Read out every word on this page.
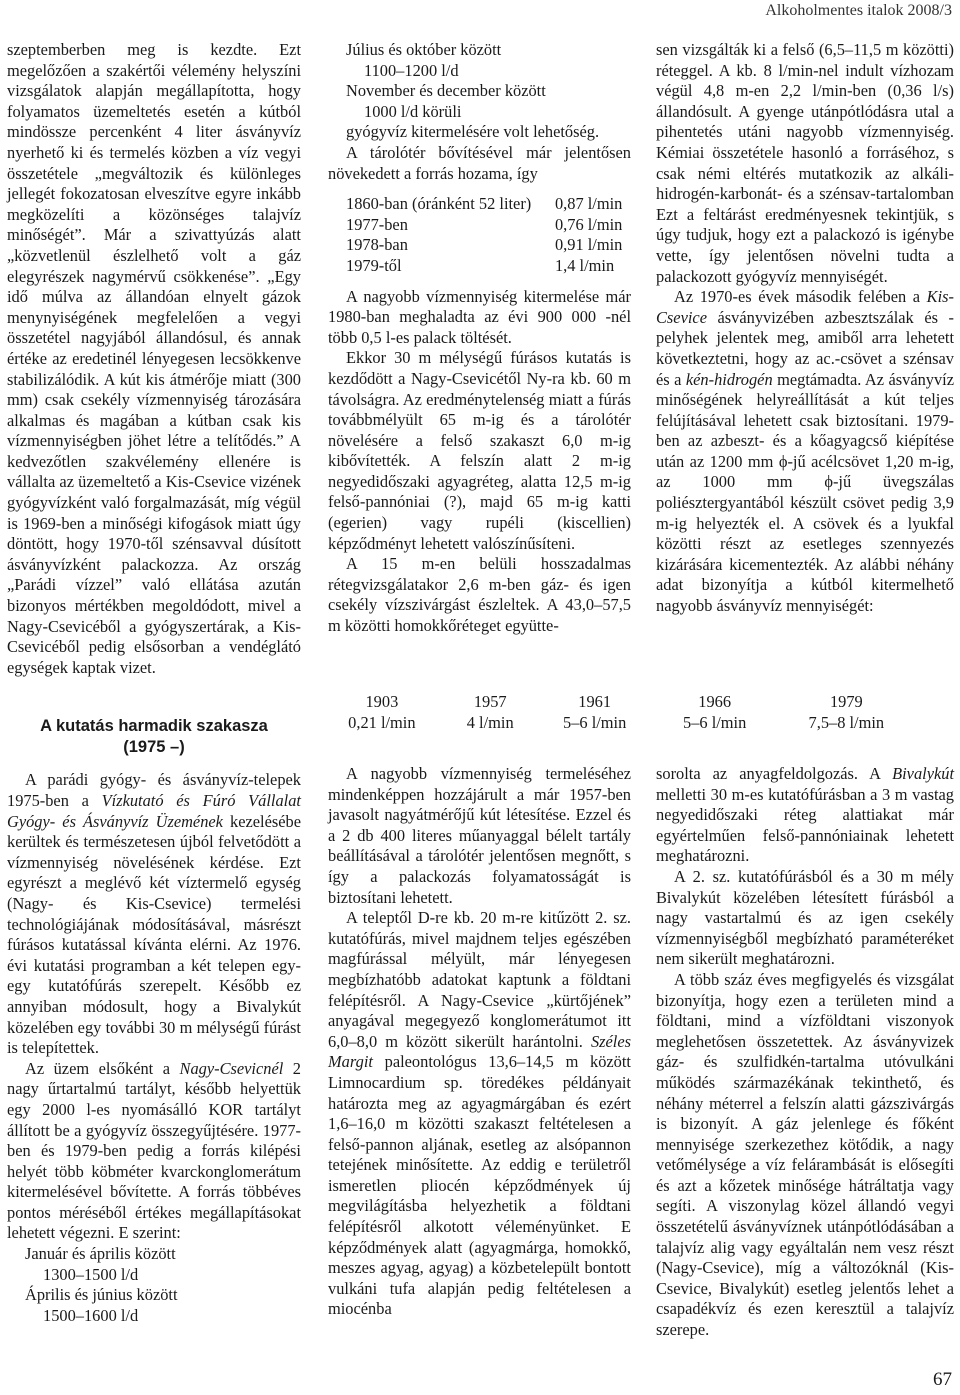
Alkoholmentes italok 2008/3

szeptemberben meg is kezdte. Ezt megelőzően a szakértői vélemény helyszíni vizsgálatok alapján megállapította, hogy folyamatos üzemeltetés esetén a kútból mindössze percenként 4 liter ásványvíz nyerhető ki és termelés közben a víz vegyi összetétele „megváltozik és különleges jellegét fokozatosan elveszítve egyre inkább megközelíti a közönséges talajvíz minőségét”. Már a szivattyúzás alatt „közvetlenül észlelhető volt a gáz elegyrészek nagymérvű csökkenése”. „Egy idő múlva az állandóan elnyelt gázok menynyiségének megfelelően a vegyi összetétel nagyjából állandósul, és annak értéke az eredetinél lényegesen lecsökkenve stabilizálódik. A kút kis átmérője miatt (300 mm) csak csekély vízmennyiség tározására alkalmas és magában a kútban csak kis vízmennyiségben jöhet létre a telítődés.” A kedvezőtlen szakvélemény ellenére is vállalta az üzemeltető a Kis-Csevice vizének gyógyvízként való forgalmazását, míg végül is 1969-ben a minőségi kifogások miatt úgy döntött, hogy 1970-től szénsavval dúsított ásványvízként palackozza. Az ország „Parádi vízzel” való ellátása azután bizonyos mértékben megoldódott, mivel a Nagy-Csevicéből a gyógyszertárak, a Kis-Csevicéből pedig elsősorban a vendéglátó egységek kaptak vizet.

A kutatás harmadik szakasza
(1975 –)

A parádi gyógy- és ásványvíz-telepek 1975-ben a Vízkutató és Fúró Vállalat Gyógy- és Ásványvíz Üzemének kezelésébe kerültek és természetesen újból felvetődött a vízmennyiség növelésének kérdése. Ezt egyrészt a meglévő két víztermelő egység (Nagy- és Kis-Csevice) termelési technológiájának módosításával, másrészt fúrásos kutatással kívánta elérni. Az 1976. évi kutatási programban a két telepen egy-egy kutatófúrás szerepelt. Később ez annyiban módosult, hogy a Bivalykút közelében egy további 30 m mélységű fúrást is telepítettek.

Az üzem elsőként a Nagy-Csevicnél 2 nagy űrtartalmú tartályt, később helyettük egy 2000 l-es nyomásálló KOR tartályt állított be a gyógyvíz összegyűjtésére. 1977-ben és 1979-ben pedig a forrás kilépési helyét több köbméter kvarckonglomerátum kitermelésével bővítette. A forrás többéves pontos méréséből értékes megállapításokat lehetett végezni. E szerint:

Január és április között

1300–1500 l/d

Április és június között

1500–1600 l/d

Július és október között

1100–1200 l/d

November és december között

1000 l/d körüli

gyógyvíz kitermelésére volt lehetőség.

A tárolótér bővítésével már jelentősen növekedett a forrás hozama, így

1860-ban (óránként 52 liter)	0,87 l/min
1977-ben	0,76 l/min
1978-ban	0,91 l/min
1979-től	1,4 l/min

A nagyobb vízmennyiség kitermelése már 1980-ban meghaladta az évi 900 000 -nél több 0,5 l-es palack töltését.

Ekkor 30 m mélységű fúrásos kutatás is kezdődött a Nagy-Csevicétől Ny-ra kb. 60 m távolságra. Az eredménytelenség miatt a fúrás továbbmélyült 65 m-ig és a tárolótér növelésére a felső szakaszt 6,0 m-ig kibővítették. A felszín alatt 2 m-ig negyedidőszaki agyagréteg, alatta 12,5 m-ig felső-pannóniai (?), majd 65 m-ig katti (egerien) vagy rupéli (kiscellien) képződményt lehetett valószínűsíteni.

A 15 m-en belüli hosszadalmas rétegvizsgálatakor 2,6 m-ben gáz- és igen csekély vízszivárgást észleltek. A 43,0–57,5 m közötti homokkőréteget együtte-

sen vizsgálták ki a felső (6,5–11,5 m közötti) réteggel. A kb. 8 l/min-nel indult vízhozam végül 4,8 m-en 2,2 l/min-ben (0,36 l/s) állandósult. A gyenge utánpótlódásra utal a pihentetés utáni nagyobb vízmennyiség. Kémiai összetétele hasonló a forráséhoz, s csak némi eltérés mutatkozik az alkáli-hidrogén-karbonát- és a szénsav-tartalomban Ezt a feltárást eredményesnek tekintjük, s úgy tudjuk, hogy ezt a palackozó is igénybe vette, így jelentősen növelni tudta a palackozott gyógyvíz mennyiségét.

Az 1970-es évek második felében a Kis-Csevice ásványvizében azbesztszálak és -pelyhek jelentek meg, amiből arra lehetett következtetni, hogy az ac.-csövet a szénsav és a kén-hidrogén megtámadta. Az ásványvíz minőségének helyreállítását a kút teljes felújításával lehetett csak biztosítani. 1979-ben az azbeszt- és a kőagyagcső kiépítése után az 1200 mm ϕ-jű acélcsövet 1,20 m-ig, az 1000 mm ϕ-jű üvegszálas poliésztergyantából készült csövet pedig 3,9 m-ig helyezték el. A csövek és a lyukfal közötti részt az esetleges szennyezés kizárására kicementezték. Az alábbi néhány adat bizonyítja a kútból kitermelhető nagyobb ásványvíz mennyiségét:

1903	1957	1961	1966	1979
0,21 l/min	4 l/min	5–6 l/min	5–6 l/min	7,5–8 l/min

A nagyobb vízmennyiség termeléséhez mindenképpen hozzájárult a már 1957-ben javasolt nagyátmérőjű kút létesítése. Ezzel és a 2 db 400 literes műanyaggal bélelt tartály beállításával a tárolótér jelentősen megnőtt, s így a palackozás folyamatosságát is biztosítani lehetett.

A teleptől D-re kb. 20 m-re kitűzött 2. sz. kutatófúrás, mivel majdnem teljes egészében magfúrással mélyült, már lényegesen megbízhatóbb adatokat kaptunk a földtani felépítésről. A Nagy-Csevice „kürtőjének” anyagával megegyező konglomerátumot itt 6,0–8,0 m között sikerült harántolni. Széles Margit paleontológus 13,6–14,5 m között Limnocardium sp. töredékes példányait határozta meg az agyagmárgában és ezért 1,6–16,0 m közötti szakaszt feltételesen a felső-pannon aljának, esetleg az alsópannon tetejének minősítette. Az eddig e területről ismeretlen pliocén képződmények új megvilágításba helyezhetik a földtani felépítésről alkotott véleményünket. E képződmények alatt (agyagmárga, homokkő, meszes agyag, agyag) a közbetelepült bontott vulkáni tufa alapján pedig feltételesen a miocénba

sorolta az anyagfeldolgozás. A Bivalykút melletti 30 m-es kutatófúrásban a 3 m vastag negyedidőszaki réteg alattiakat már egyértelműen felső-pannóniainak lehetett meghatározni.

A 2. sz. kutatófúrásból és a 30 m mély Bivalykút közelében létesített fúrásból a nagy vastartalmú és az igen csekély vízmennyiségből megbízható paraméteréket nem sikerült meghatározni.

A több száz éves megfigyelés és vizsgálat bizonyítja, hogy ezen a területen mind a földtani, mind a vízföldtani viszonyok meglehetősen összetettek. Az ásványvizek gáz- és szulfidkén-tartalma utóvulkáni működés származékának tekinthető, és néhány méterrel a felszín alatti gázszivárgás is bizonyít. A gáz jelenlege és főként mennyisége szerkezethez kötődik, a nagy vetőmélysége a víz felárambását is elősegíti és azt a kőzetek minősége hátráltatja vagy segíti. A viszonylag közel állandó vegyi összetételű ásványvíznek utánpótlódásában a talajvíz alig vagy egyáltalán nem vesz részt (Nagy-Csevice), míg a változóknál (Kis-Csevice, Bivalykút) esetleg jelentős lehet a csapadékvíz és ezen keresztül a talajvíz szerepe.

67
